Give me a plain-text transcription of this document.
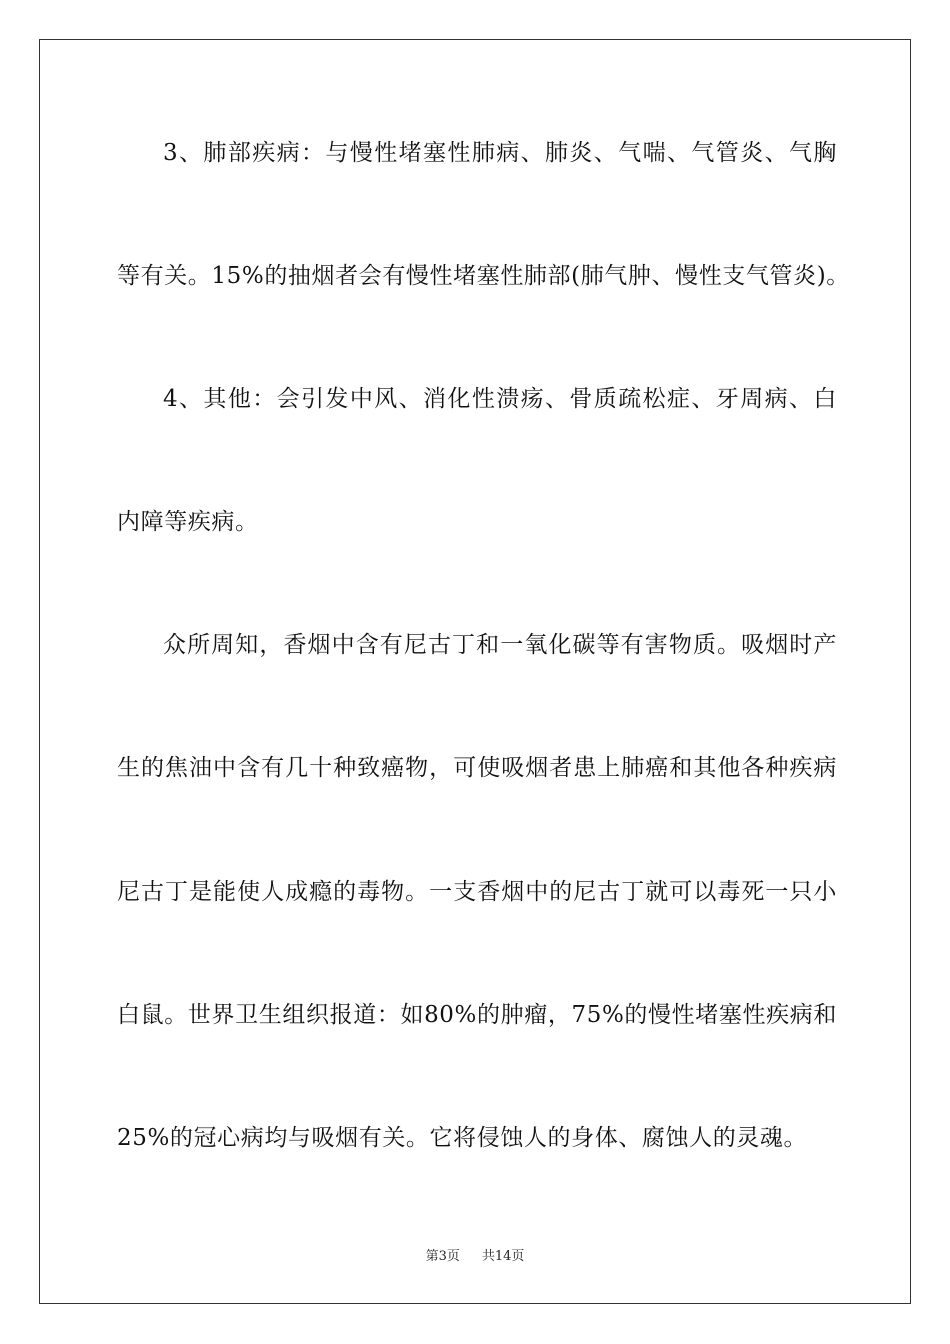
3、肺部疾病：与慢性堵塞性肺病、肺炎、气喘、气管炎、气胸
等有关。15%的抽烟者会有慢性堵塞性肺部(肺气肿、慢性支气管炎)。
4、其他：会引发中风、消化性溃疡、骨质疏松症、牙周病、白
内障等疾病。
众所周知，香烟中含有尼古丁和一氧化碳等有害物质。吸烟时产
生的焦油中含有几十种致癌物，可使吸烟者患上肺癌和其他各种疾病
尼古丁是能使人成瘾的毒物。一支香烟中的尼古丁就可以毒死一只小
白鼠。世界卫生组织报道：如80%的肿瘤，75%的慢性堵塞性疾病和
25%的冠心病均与吸烟有关。它将侵蚀人的身体、腐蚀人的灵魂。
第3页 共14页
